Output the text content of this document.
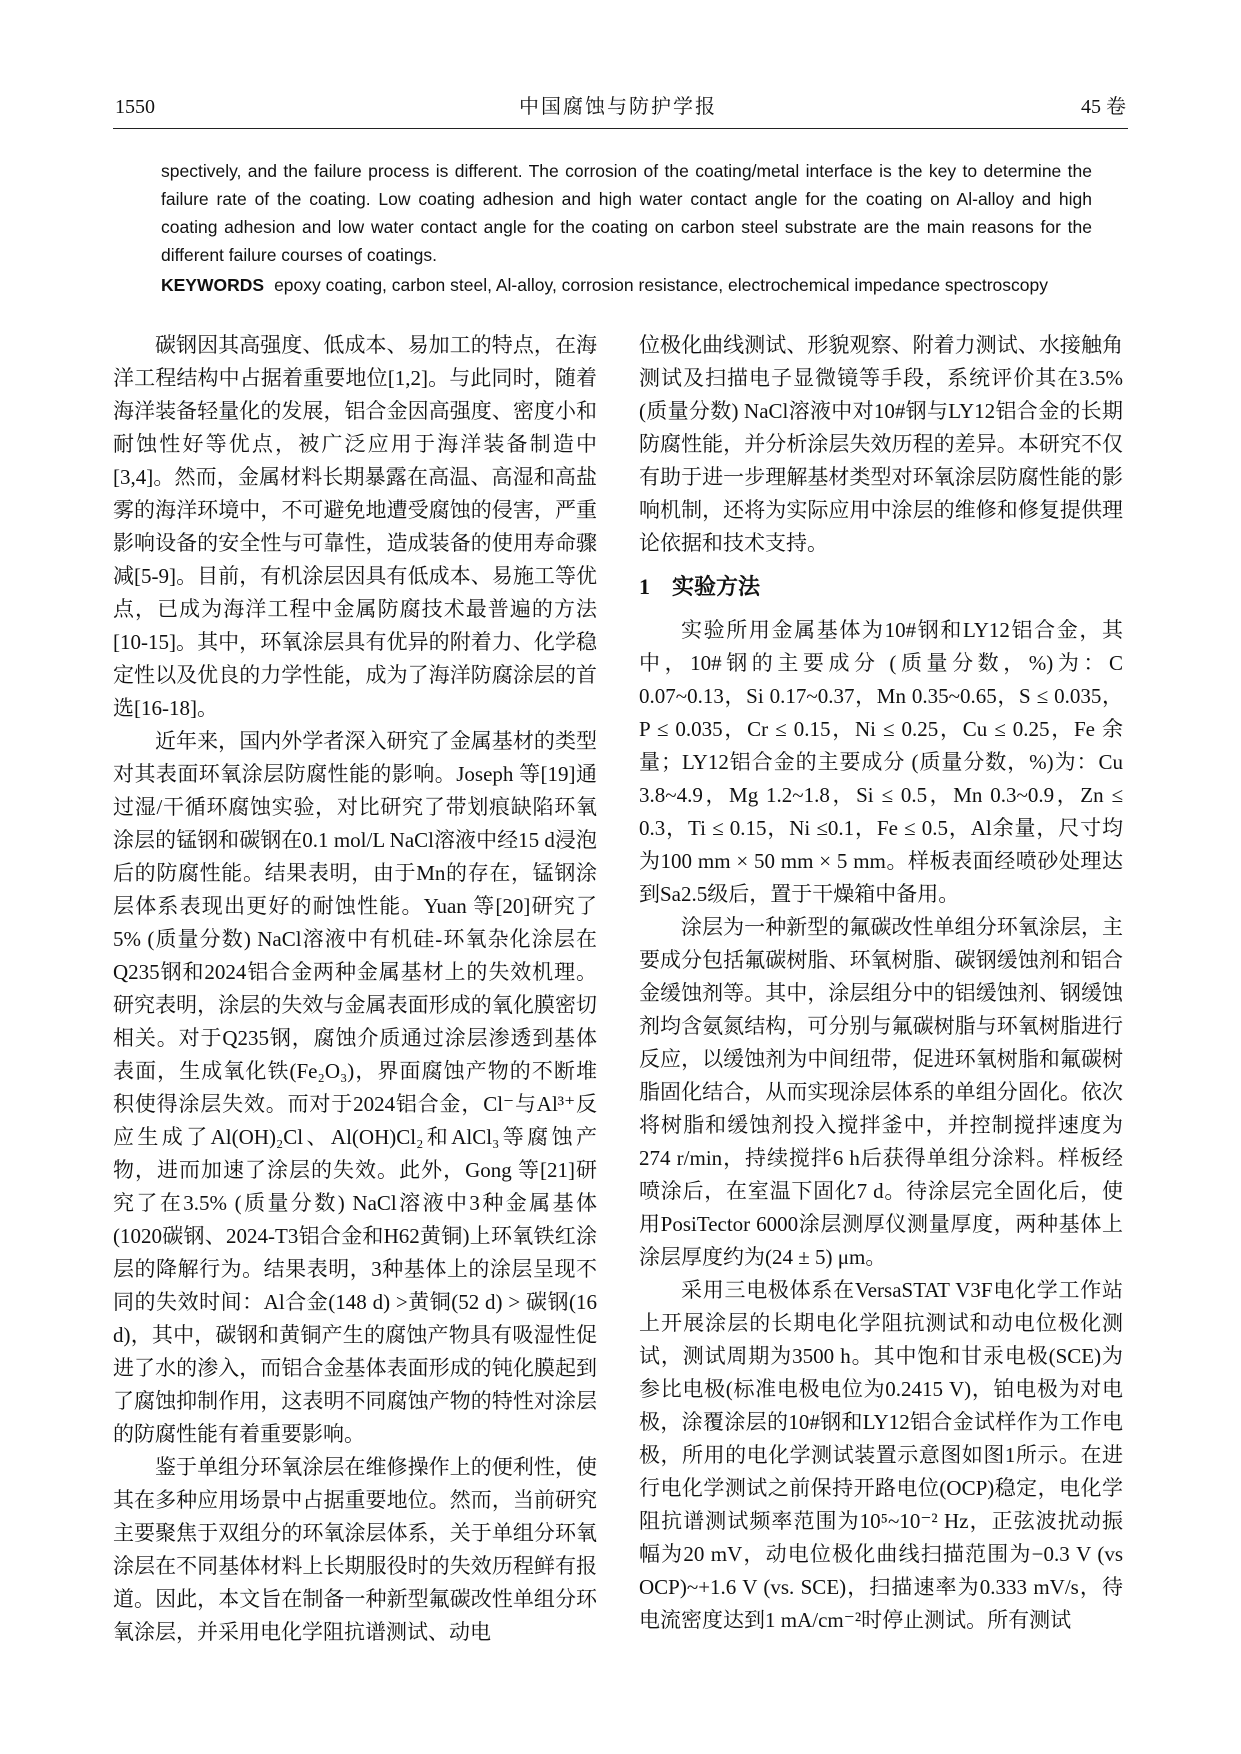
1550	中国腐蚀与防护学报	45 卷

spectively, and the failure process is different. The corrosion of the coating/metal interface is the key to determine the failure rate of the coating. Low coating adhesion and high water contact angle for the coating on Al-alloy and high coating adhesion and low water contact angle for the coating on carbon steel substrate are the main reasons for the different failure courses of coatings.

KEYWORDS epoxy coating, carbon steel, Al-alloy, corrosion resistance, electrochemical impedance spectroscopy

碳钢因其高强度、低成本、易加工的特点，在海洋工程结构中占据着重要地位[1,2]。与此同时，随着海洋装备轻量化的发展，铝合金因高强度、密度小和耐蚀性好等优点，被广泛应用于海洋装备制造中[3,4]。然而，金属材料长期暴露在高温、高湿和高盐雾的海洋环境中，不可避免地遭受腐蚀的侵害，严重影响设备的安全性与可靠性，造成装备的使用寿命骤减[5-9]。目前，有机涂层因具有低成本、易施工等优点，已成为海洋工程中金属防腐技术最普遍的方法[10-15]。其中，环氧涂层具有优异的附着力、化学稳定性以及优良的力学性能，成为了海洋防腐涂层的首选[16-18]。

近年来，国内外学者深入研究了金属基材的类型对其表面环氧涂层防腐性能的影响。Joseph 等[19]通过湿/干循环腐蚀实验，对比研究了带划痕缺陷环氧涂层的锰钢和碳钢在0.1 mol/L NaCl溶液中经15 d浸泡后的防腐性能。结果表明，由于Mn的存在，锰钢涂层体系表现出更好的耐蚀性能。Yuan 等[20]研究了5% (质量分数) NaCl溶液中有机硅-环氧杂化涂层在Q235钢和2024铝合金两种金属基材上的失效机理。研究表明，涂层的失效与金属表面形成的氧化膜密切相关。对于Q235钢，腐蚀介质通过涂层渗透到基体表面，生成氧化铁(Fe₂O₃)，界面腐蚀产物的不断堆积使得涂层失效。而对于2024铝合金，Cl⁻与Al³⁺反应生成了Al(OH)₂Cl、Al(OH)Cl₂和AlCl₃等腐蚀产物，进而加速了涂层的失效。此外，Gong 等[21]研究了在3.5% (质量分数) NaCl溶液中3种金属基体(1020碳钢、2024-T3铝合金和H62黄铜)上环氧铁红涂层的降解行为。结果表明，3种基体上的涂层呈现不同的失效时间：Al合金(148 d) >黄铜(52 d) > 碳钢(16 d)，其中，碳钢和黄铜产生的腐蚀产物具有吸湿性促进了水的渗入，而铝合金基体表面形成的钝化膜起到了腐蚀抑制作用，这表明不同腐蚀产物的特性对涂层的防腐性能有着重要影响。

鉴于单组分环氧涂层在维修操作上的便利性，使其在多种应用场景中占据重要地位。然而，当前研究主要聚焦于双组分的环氧涂层体系，关于单组分环氧涂层在不同基体材料上长期服役时的失效历程鲜有报道。因此，本文旨在制备一种新型氟碳改性单组分环氧涂层，并采用电化学阻抗谱测试、动电

位极化曲线测试、形貌观察、附着力测试、水接触角测试及扫描电子显微镜等手段，系统评价其在3.5% (质量分数) NaCl溶液中对10#钢与LY12铝合金的长期防腐性能，并分析涂层失效历程的差异。本研究不仅有助于进一步理解基材类型对环氧涂层防腐性能的影响机制，还将为实际应用中涂层的维修和修复提供理论依据和技术支持。

1　实验方法

实验所用金属基体为10#钢和LY12铝合金，其中，10#钢的主要成分 (质量分数，%)为：C 0.07~0.13，Si 0.17~0.37，Mn 0.35~0.65，S ≤ 0.035，P ≤ 0.035，Cr ≤ 0.15，Ni ≤ 0.25，Cu ≤ 0.25，Fe 余量；LY12铝合金的主要成分 (质量分数，%)为：Cu 3.8~4.9，Mg 1.2~1.8，Si ≤ 0.5，Mn 0.3~0.9，Zn ≤ 0.3，Ti ≤ 0.15，Ni ≤0.1，Fe ≤ 0.5，Al余量，尺寸均为100 mm × 50 mm × 5 mm。样板表面经喷砂处理达到Sa2.5级后，置于干燥箱中备用。

涂层为一种新型的氟碳改性单组分环氧涂层，主要成分包括氟碳树脂、环氧树脂、碳钢缓蚀剂和铝合金缓蚀剂等。其中，涂层组分中的铝缓蚀剂、钢缓蚀剂均含氨氮结构，可分别与氟碳树脂与环氧树脂进行反应，以缓蚀剂为中间纽带，促进环氧树脂和氟碳树脂固化结合，从而实现涂层体系的单组分固化。依次将树脂和缓蚀剂投入搅拌釜中，并控制搅拌速度为274 r/min，持续搅拌6 h后获得单组分涂料。样板经喷涂后，在室温下固化7 d。待涂层完全固化后，使用PosiTector 6000涂层测厚仪测量厚度，两种基体上涂层厚度约为(24 ± 5) μm。

采用三电极体系在VersaSTAT V3F电化学工作站上开展涂层的长期电化学阻抗测试和动电位极化测试，测试周期为3500 h。其中饱和甘汞电极(SCE)为参比电极(标准电极电位为0.2415 V)，铂电极为对电极，涂覆涂层的10#钢和LY12铝合金试样作为工作电极，所用的电化学测试装置示意图如图1所示。在进行电化学测试之前保持开路电位(OCP)稳定，电化学阻抗谱测试频率范围为10⁵~10⁻² Hz，正弦波扰动振幅为20 mV，动电位极化曲线扫描范围为−0.3 V (vs OCP)~+1.6 V (vs. SCE)，扫描速率为0.333 mV/s，待电流密度达到1 mA/cm⁻²时停止测试。所有测试
